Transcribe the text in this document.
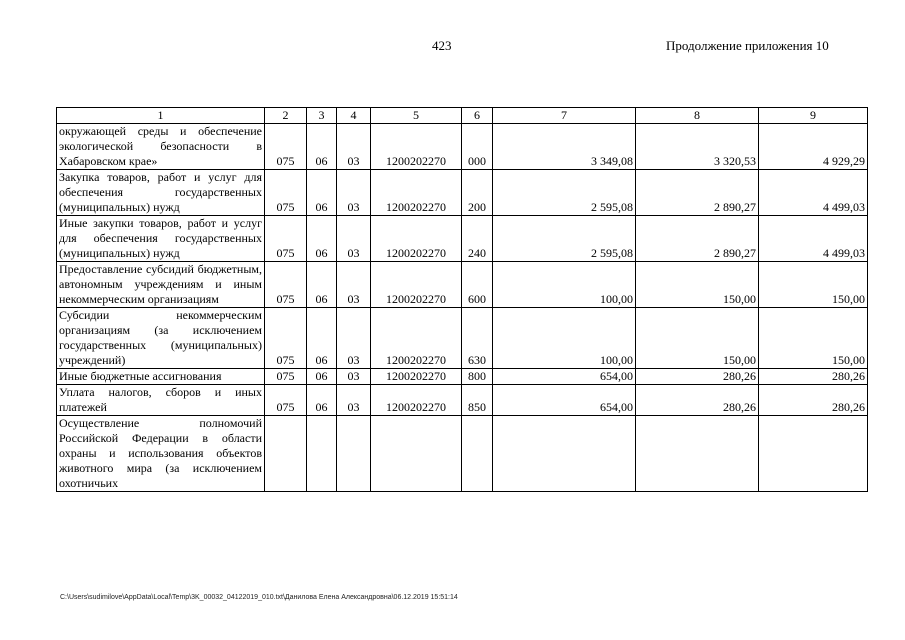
423	Продолжение приложения 10
1	2	3	4	5	6	7	8	9
окружающей среды и обеспечение экологической безопасности в Хабаровском крае»	075	06	03	1200202270	000	3 349,08	3 320,53	4 929,29
Закупка товаров, работ и услуг для обеспечения государственных (муниципальных) нужд	075	06	03	1200202270	200	2 595,08	2 890,27	4 499,03
Иные закупки товаров, работ и услуг для обеспечения государственных (муниципальных) нужд	075	06	03	1200202270	240	2 595,08	2 890,27	4 499,03
Предоставление субсидий бюджетным, автономным учреждениям и иным некоммерческим организациям	075	06	03	1200202270	600	100,00	150,00	150,00
Субсидии некоммерческим организациям (за исключением государственных (муниципальных) учреждений)	075	06	03	1200202270	630	100,00	150,00	150,00
Иные бюджетные ассигнования	075	06	03	1200202270	800	654,00	280,26	280,26
Уплата налогов, сборов и иных платежей	075	06	03	1200202270	850	654,00	280,26	280,26
Осуществление полномочий Российской Федерации в области охраны и использования объектов животного мира (за исключением охотничьих								
C:\Users\sudimilove\AppData\Local\Temp\3K_00032_04122019_010.txt\Данилова Елена Александровна\06.12.2019 15:51:14
